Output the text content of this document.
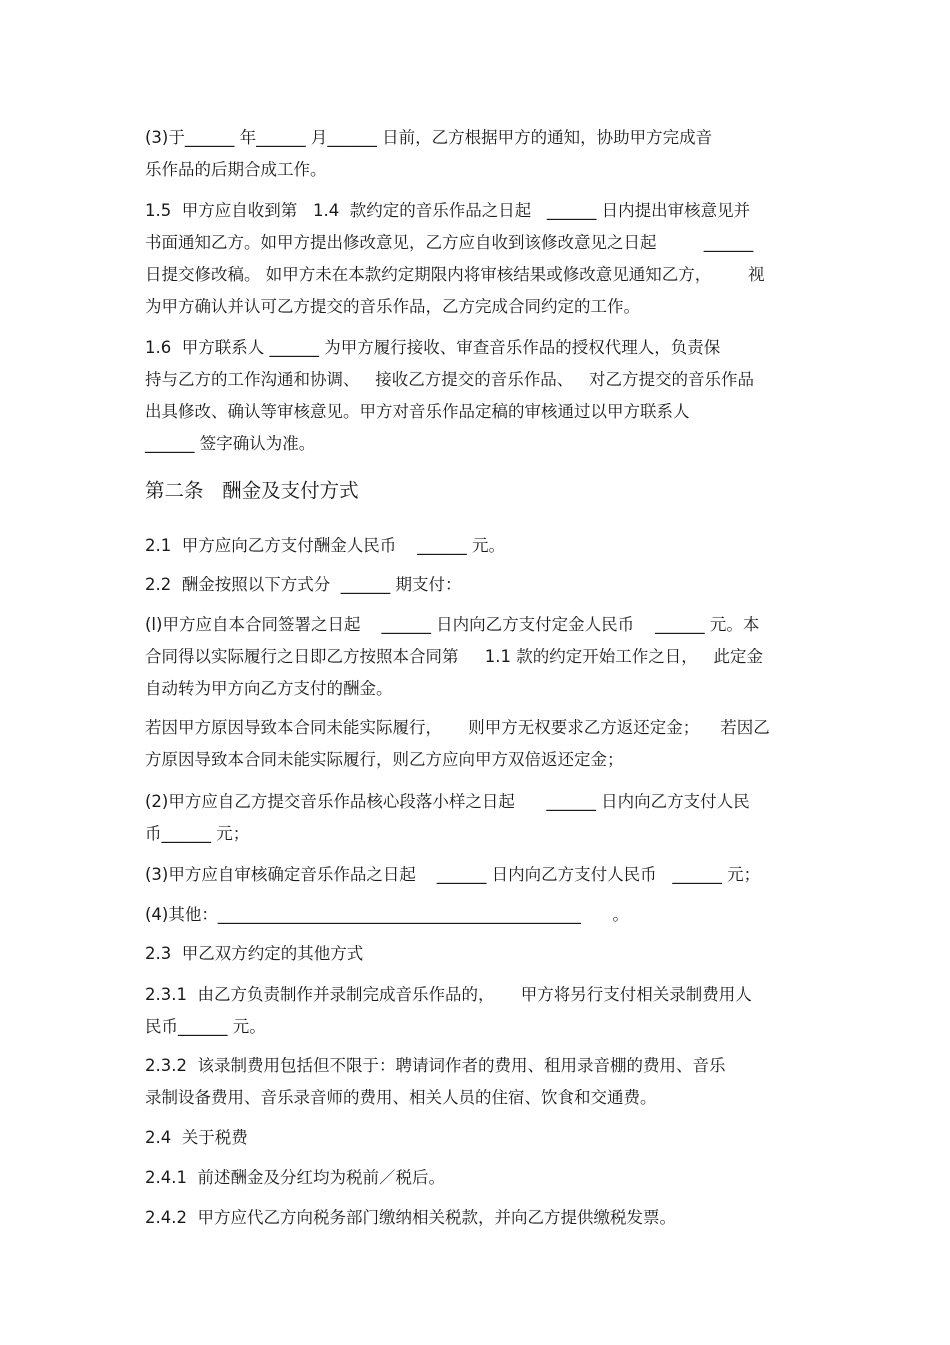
(3)于______ 年______ 月______ 日前，乙方根据甲方的通知，协助甲方完成音
乐作品的后期合成工作。
1.5  甲方应自收到第   1.4  款约定的音乐作品之日起   ______ 日内提出审核意见并
书面通知乙方。如甲方提出修改意见，乙方应自收到该修改意见之日起         ______
日提交修改稿。 如甲方未在本款约定期限内将审核结果或修改意见通知乙方，       视
为甲方确认并认可乙方提交的音乐作品，乙方完成合同约定的工作。
1.6  甲方联系人 ______ 为甲方履行接收、审查音乐作品的授权代理人，负责保
持与乙方的工作沟通和协调、   接收乙方提交的音乐作品、   对乙方提交的音乐作品
出具修改、确认等审核意见。甲方对音乐作品定稿的审核通过以甲方联系人
______ 签字确认为准。
第二条   酬金及支付方式
2.1  甲方应向乙方支付酬金人民币    ______ 元。
2.2  酬金按照以下方式分  ______ 期支付：
(l)甲方应自本合同签署之日起    ______ 日内向乙方支付定金人民币    ______ 元。本
合同得以实际履行之日即乙方按照本合同第     1.1 款的约定开始工作之日，   此定金
自动转为甲方向乙方支付的酬金。
若因甲方原因导致本合同未能实际履行，     则甲方无权要求乙方返还定金；    若因乙
方原因导致本合同未能实际履行，则乙方应向甲方双倍返还定金；
(2)甲方应自乙方提交音乐作品核心段落小样之日起      ______ 日内向乙方支付人民
币______ 元；
(3)甲方应自审核确定音乐作品之日起    ______ 日内向乙方支付人民币   ______ 元；
(4)其他：____________________________________________      。
2.3  甲乙双方约定的其他方式
2.3.1  由乙方负责制作并录制完成音乐作品的，     甲方将另行支付相关录制费用人
民币______ 元。
2.3.2  该录制费用包括但不限于：聘请词作者的费用、租用录音棚的费用、音乐
录制设备费用、音乐录音师的费用、相关人员的住宿、饮食和交通费。
2.4  关于税费
2.4.1  前述酬金及分红均为税前／税后。
2.4.2  甲方应代乙方向税务部门缴纳相关税款，并向乙方提供缴税发票。
